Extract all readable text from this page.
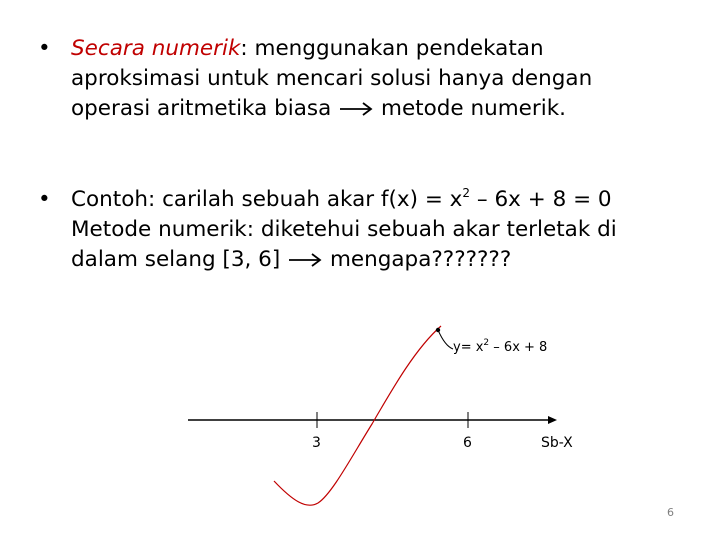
• Secara numerik: menggunakan pendekatan
aproksimasi untuk mencari solusi hanya dengan
operasi aritmetika biasa metode numerik.
• Contoh: carilah sebuah akar $f(x) = x^2 - 6x + 8 = 0$
Metode numerik: diketehui sebuah akar terletak di
dalam selang [3, 6] mengapa???????
3	6	Sb-X
$y= x^2 - 6x + 8$
6
